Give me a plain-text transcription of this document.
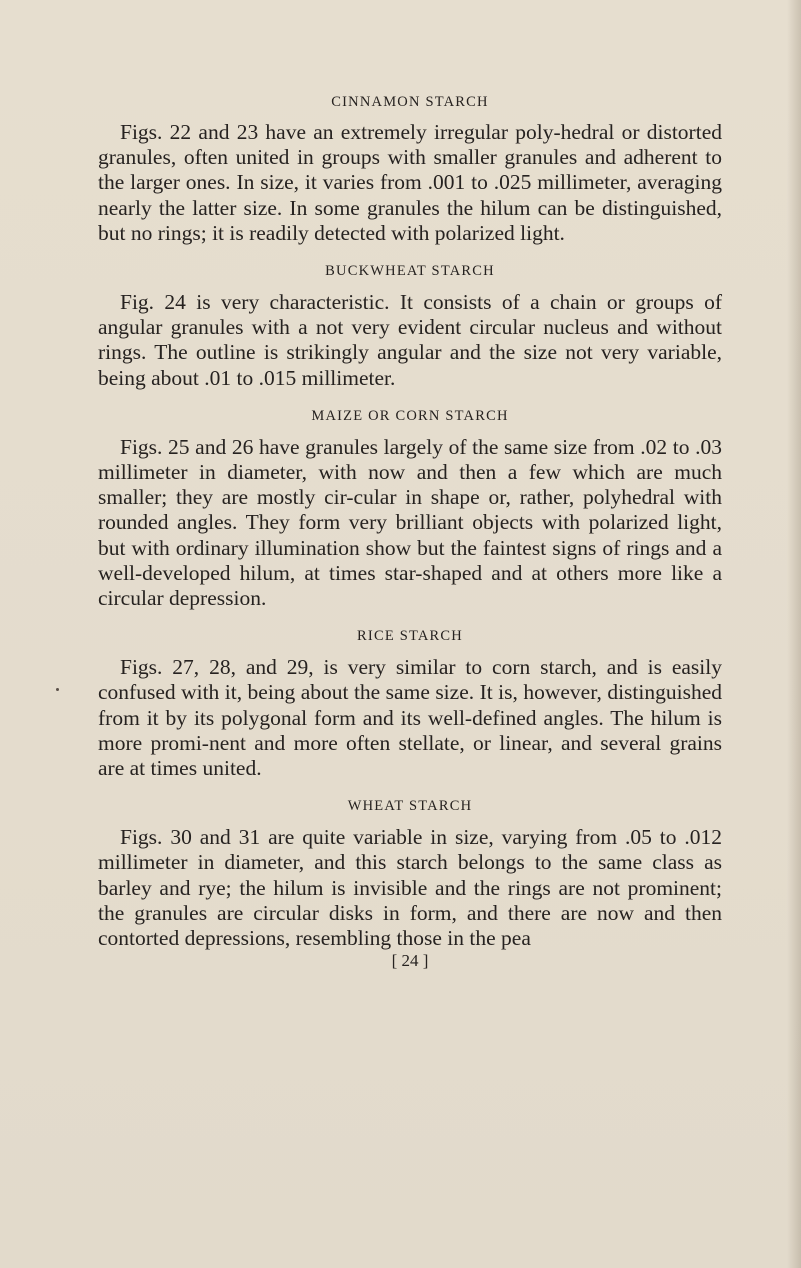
CINNAMON STARCH

Figs. 22 and 23 have an extremely irregular poly-hedral or distorted granules, often united in groups with smaller granules and adherent to the larger ones. In size, it varies from .001 to .025 millimeter, averaging nearly the latter size. In some granules the hilum can be distinguished, but no rings; it is readily detected with polarized light.

BUCKWHEAT STARCH

Fig. 24 is very characteristic. It consists of a chain or groups of angular granules with a not very evident circular nucleus and without rings. The outline is strikingly angular and the size not very variable, being about .01 to .015 millimeter.

MAIZE OR CORN STARCH

Figs. 25 and 26 have granules largely of the same size from .02 to .03 millimeter in diameter, with now and then a few which are much smaller; they are mostly cir-cular in shape or, rather, polyhedral with rounded angles. They form very brilliant objects with polarized light, but with ordinary illumination show but the faintest signs of rings and a well-developed hilum, at times star-shaped and at others more like a circular depression.

RICE STARCH

Figs. 27, 28, and 29, is very similar to corn starch, and is easily confused with it, being about the same size. It is, however, distinguished from it by its polygonal form and its well-defined angles. The hilum is more promi-nent and more often stellate, or linear, and several grains are at times united.

WHEAT STARCH

Figs. 30 and 31 are quite variable in size, varying from .05 to .012 millimeter in diameter, and this starch belongs to the same class as barley and rye; the hilum is invisible and the rings are not prominent; the granules are circular disks in form, and there are now and then contorted depressions, resembling those in the pea

[ 24 ]
